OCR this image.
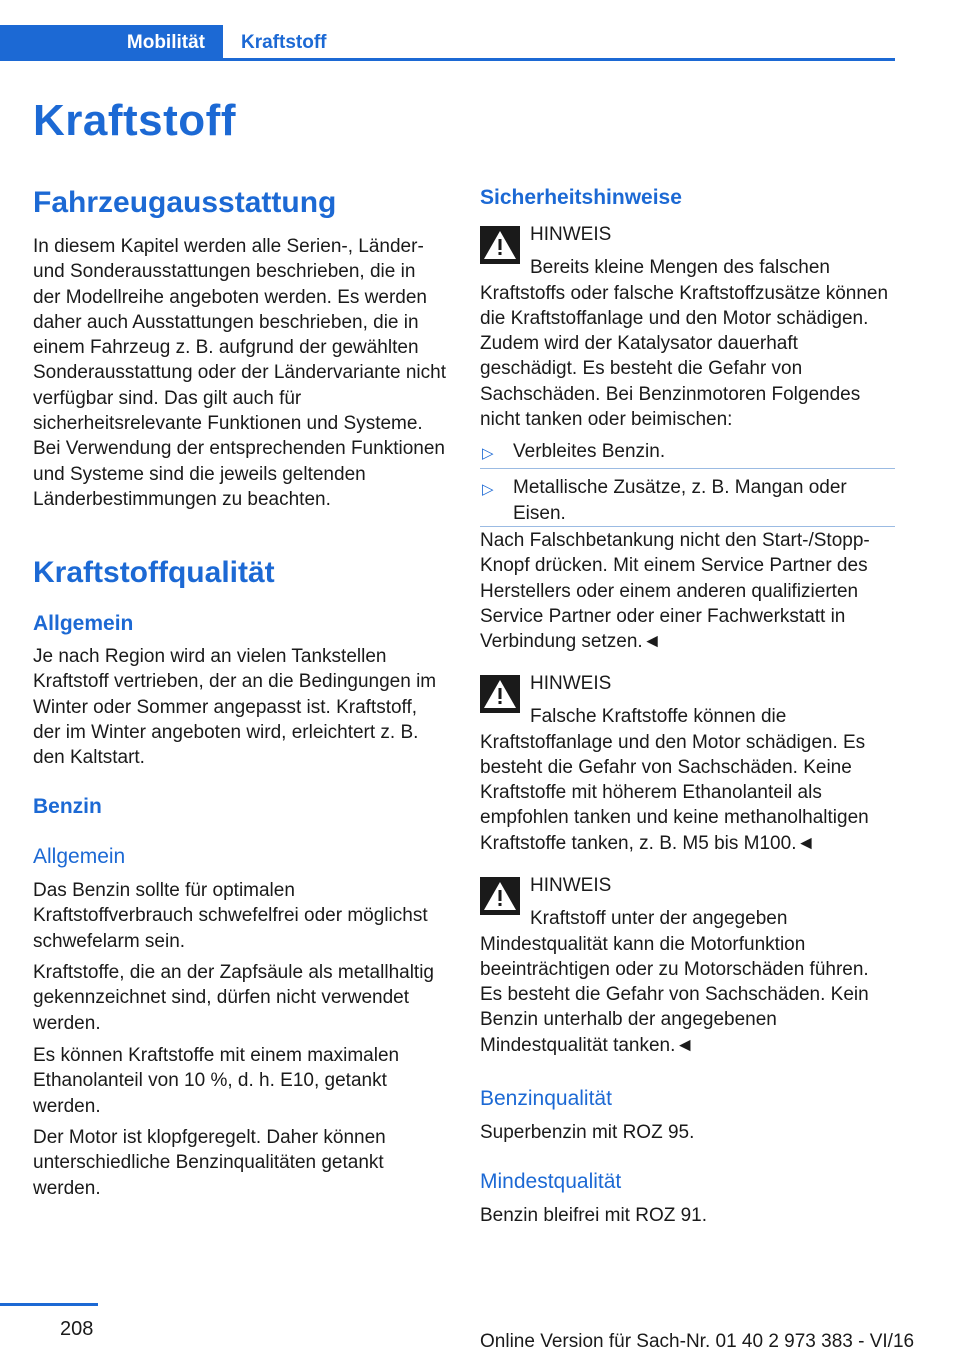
Mobilität Kraftstoff
Kraftstoff
Fahrzeugausstattung

In diesem Kapitel werden alle Serien-, Länder- und Sonderausstattungen beschrieben, die in der Modellreihe angeboten werden. Es werden daher auch Ausstattungen beschrieben, die in einem Fahrzeug z. B. aufgrund der gewählten Sonderausstattung oder der Ländervariante nicht verfügbar sind. Das gilt auch für sicherheitsrelevante Funktionen und Systeme. Bei Verwendung der entsprechenden Funktionen und Systeme sind die jeweils geltenden Länderbestimmungen zu beachten.

Kraftstoffqualität
Allgemein

Je nach Region wird an vielen Tankstellen Kraftstoff vertrieben, der an die Bedingungen im Winter oder Sommer angepasst ist. Kraftstoff, der im Winter angeboten wird, erleichtert z. B. den Kaltstart.

Benzin
Allgemein

Das Benzin sollte für optimalen Kraftstoffverbrauch schwefelfrei oder möglichst schwefelarm sein.

Kraftstoffe, die an der Zapfsäule als metallhaltig gekennzeichnet sind, dürfen nicht verwendet werden.

Es können Kraftstoffe mit einem maximalen Ethanolanteil von 10 %, d. h. E10, getankt werden.

Der Motor ist klopfgeregelt. Daher können unterschiedliche Benzinqualitäten getankt werden.

Sicherheitshinweise
HINWEIS

Bereits kleine Mengen des falschen Kraftstoffs oder falsche Kraftstoffzusätze können die Kraftstoffanlage und den Motor schädigen. Zudem wird der Katalysator dauerhaft geschädigt. Es besteht die Gefahr von Sachschäden. Bei Benzinmotoren Folgendes nicht tanken oder beimischen:

▷ Verbleites Benzin.
▷ Metallische Zusätze, z. B. Mangan oder Eisen.

Nach Falschbetankung nicht den Start-/Stopp-Knopf drücken. Mit einem Service Partner des Herstellers oder einem anderen qualifizierten Service Partner oder einer Fachwerkstatt in Verbindung setzen.◄

HINWEIS

Falsche Kraftstoffe können die Kraftstoffanlage und den Motor schädigen. Es besteht die Gefahr von Sachschäden. Keine Kraftstoffe mit höherem Ethanolanteil als empfohlen tanken und keine methanolhaltigen Kraftstoffe tanken, z. B. M5 bis M100.◄

HINWEIS

Kraftstoff unter der angegeben Mindestqualität kann die Motorfunktion beeinträchtigen oder zu Motorschäden führen. Es besteht die Gefahr von Sachschäden. Kein Benzin unterhalb der angegebenen Mindestqualität tanken.◄

Benzinqualität

Superbenzin mit ROZ 95.

Mindestqualität

Benzin bleifrei mit ROZ 91.

208
Online Version für Sach-Nr. 01 40 2 973 383 - VI/16
